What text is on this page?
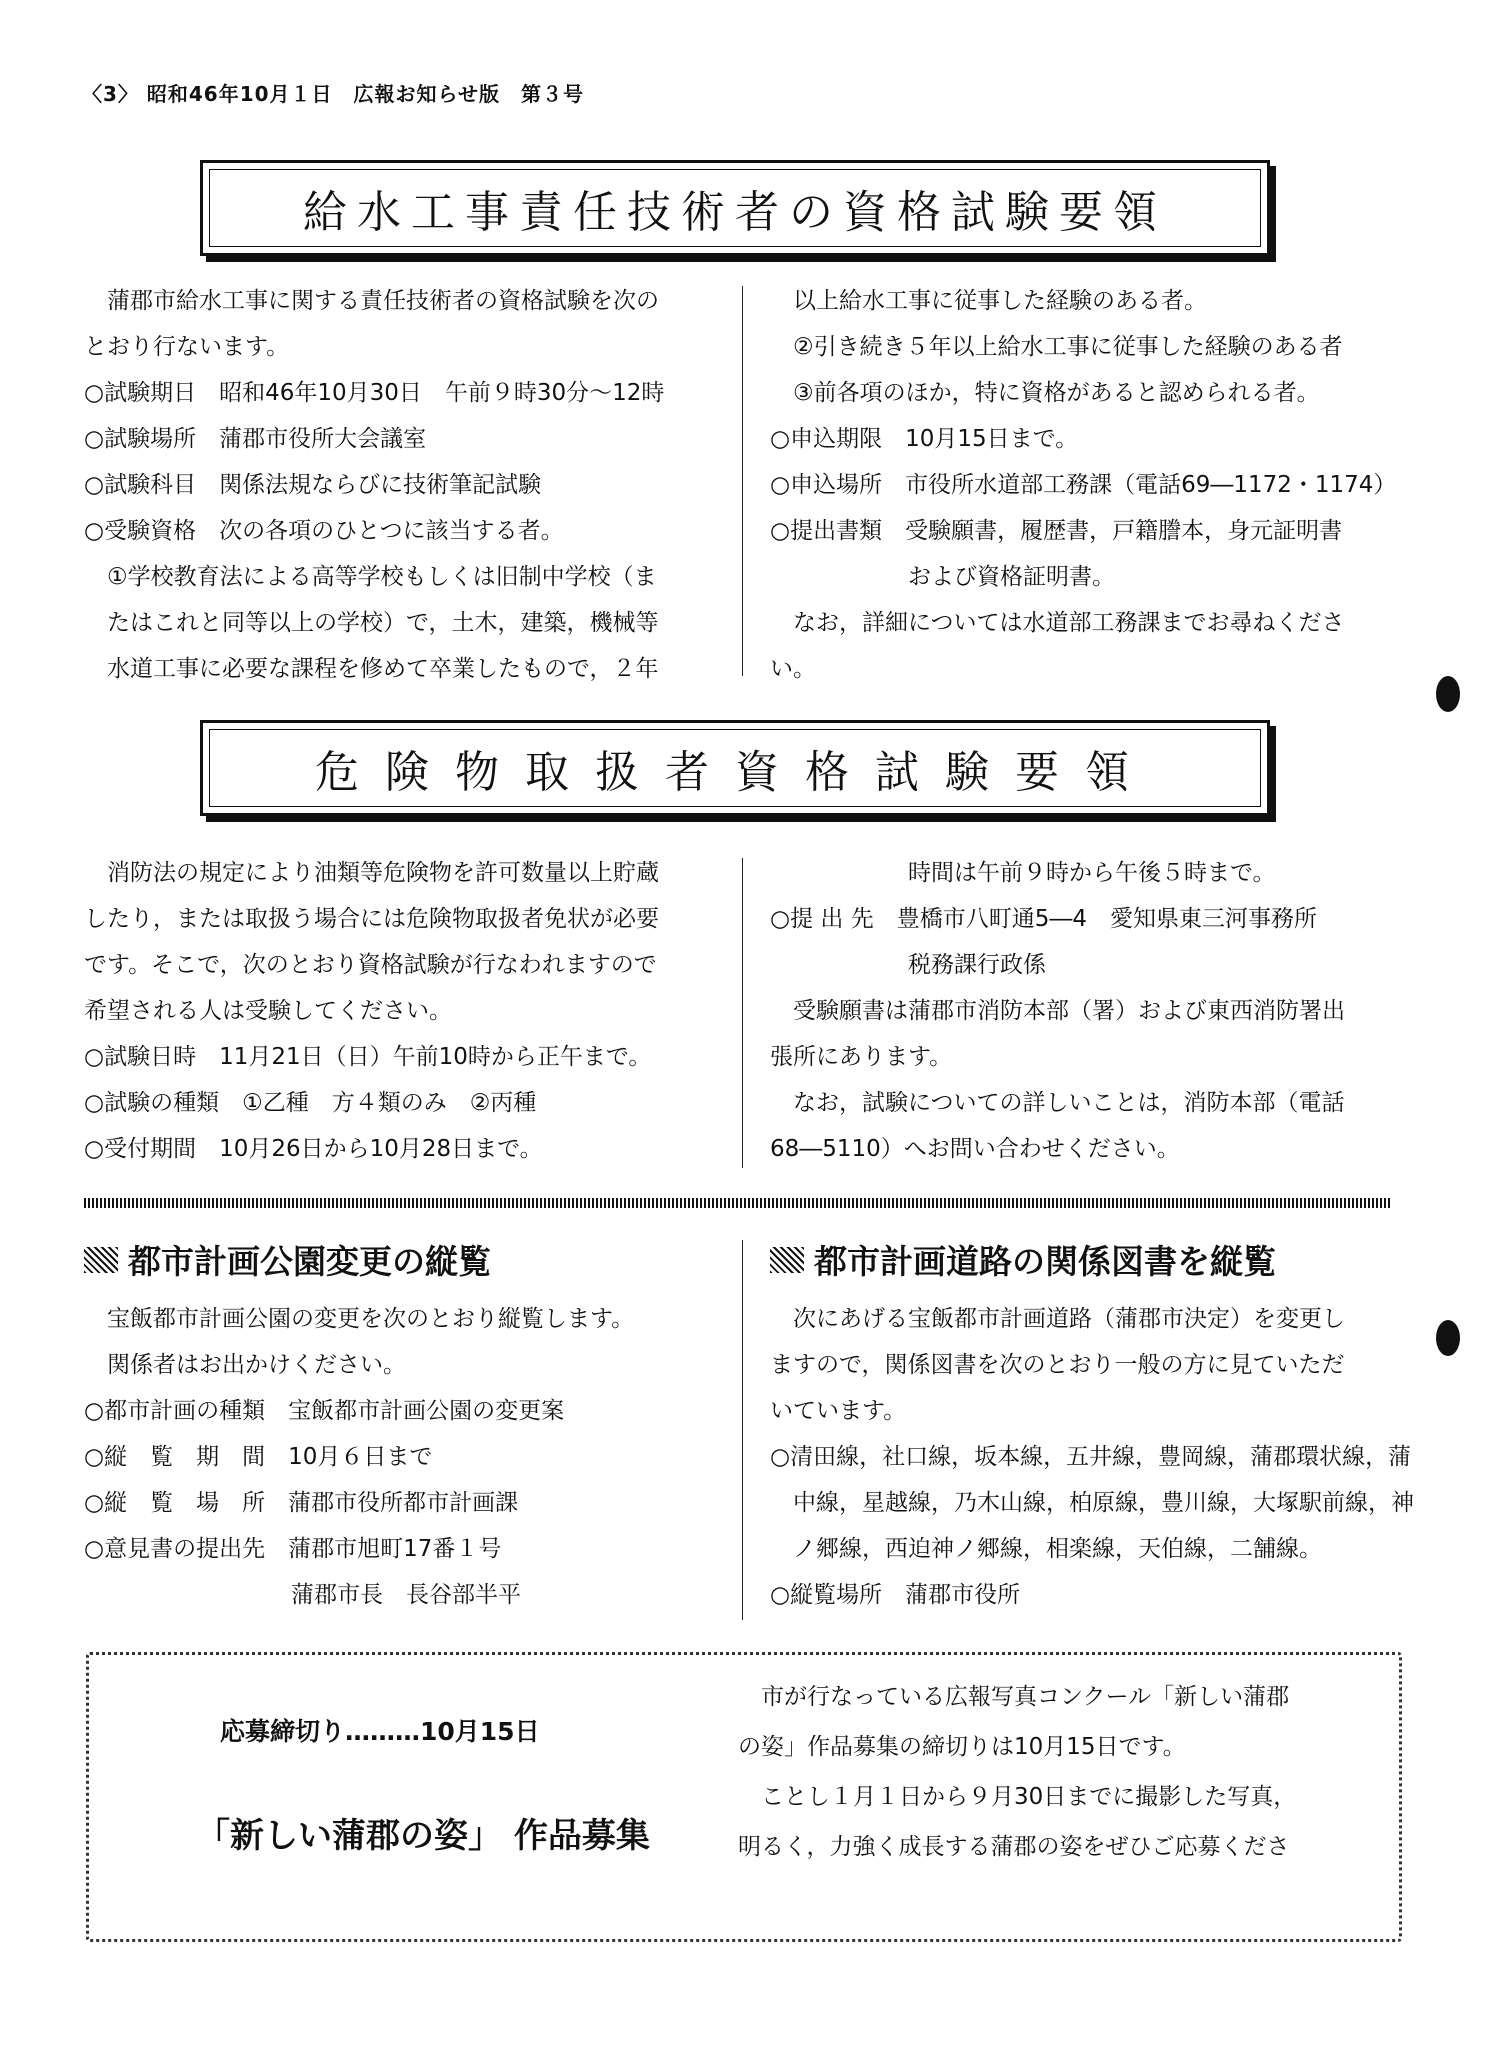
〈3〉 昭和46年10月１日　広報お知らせ版　第３号
給水工事責任技術者の資格試験要領

　蒲郡市給水工事に関する責任技術者の資格試験を次の

とおり行ないます。

○試験期日　昭和46年10月30日　午前９時30分〜12時

○試験場所　蒲郡市役所大会議室

○試験科目　関係法規ならびに技術筆記試験

○受験資格　次の各項のひとつに該当する者。

　①学校教育法による高等学校もしくは旧制中学校（ま

　たはこれと同等以上の学校）で，土木，建築，機械等

　水道工事に必要な課程を修めて卒業したもので，２年

　以上給水工事に従事した経験のある者。

　②引き続き５年以上給水工事に従事した経験のある者

　③前各項のほか，特に資格があると認められる者。

○申込期限　10月15日まで。

○申込場所　市役所水道部工務課（電話69―1172・1174）

○提出書類　受験願書，履歴書，戸籍謄本，身元証明書

　　　　　　および資格証明書。

　なお，詳細については水道部工務課までお尋ねくださ

い。

危険物取扱者資格試験要領

　消防法の規定により油類等危険物を許可数量以上貯蔵

したり，または取扱う場合には危険物取扱者免状が必要

です。そこで，次のとおり資格試験が行なわれますので

希望される人は受験してください。

○試験日時　11月21日（日）午前10時から正午まで。

○試験の種類　①乙種　方４類のみ　②丙種

○受付期間　10月26日から10月28日まで。

　　　　　　時間は午前９時から午後５時まで。

○提 出 先　豊橋市八町通5―4　愛知県東三河事務所

　　　　　　税務課行政係

　受験願書は蒲郡市消防本部（署）および東西消防署出

張所にあります。

　なお，試験についての詳しいことは，消防本部（電話

68―5110）へお問い合わせください。

都市計画公園変更の縦覧

　宝飯都市計画公園の変更を次のとおり縦覧します。

　関係者はお出かけください。

○都市計画の種類　宝飯都市計画公園の変更案

○縦　覧　期　間　10月６日まで

○縦　覧　場　所　蒲郡市役所都市計画課

○意見書の提出先　蒲郡市旭町17番１号

　　　　　　　　　蒲郡市長　長谷部半平

都市計画道路の関係図書を縦覧

　次にあげる宝飯都市計画道路（蒲郡市決定）を変更し

ますので，関係図書を次のとおり一般の方に見ていただ

いています。

○清田線，社口線，坂本線，五井線，豊岡線，蒲郡環状線，蒲

　中線，星越線，乃木山線，柏原線，豊川線，大塚駅前線，神

　ノ郷線，西迫神ノ郷線，相楽線，天伯線，二舗線。

○縦覧場所　蒲郡市役所

応募締切り………10月15日
「新しい蒲郡の姿」 作品募集

　市が行なっている広報写真コンクール「新しい蒲郡

の姿」作品募集の締切りは10月15日です。

　ことし１月１日から９月30日までに撮影した写真，

明るく，力強く成長する蒲郡の姿をぜひご応募くださ
